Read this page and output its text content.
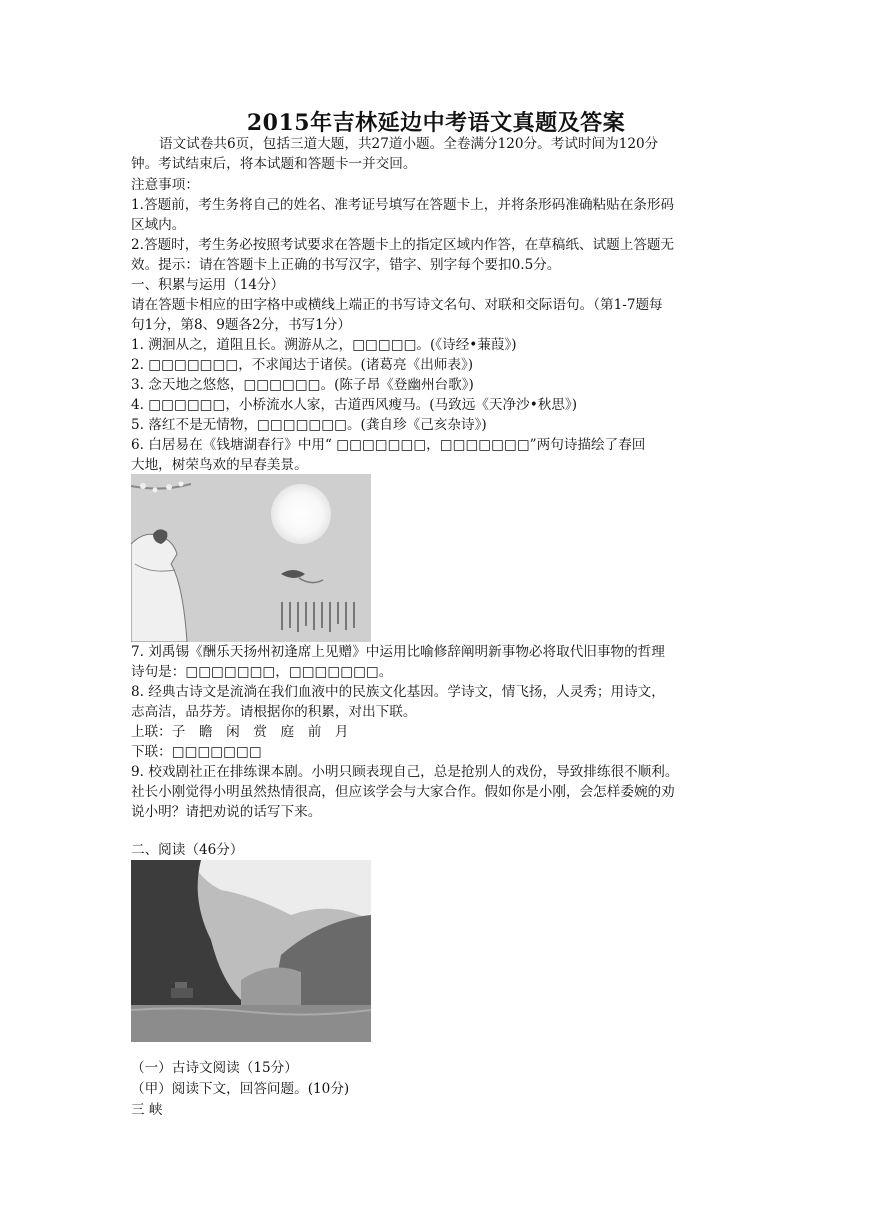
2015年吉林延边中考语文真题及答案
语文试卷共6页，包括三道大题，共27道小题。全卷满分120分。考试时间为120分
钟。考试结束后，将本试题和答题卡一并交回。
注意事项：
1.答题前，考生务将自己的姓名、准考证号填写在答题卡上，并将条形码准确粘贴在条形码
区域内。
2.答题时，考生务必按照考试要求在答题卡上的指定区域内作答，在草稿纸、试题上答题无
效。提示：请在答题卡上正确的书写汉字，错字、别字每个要扣0.5分。
一、积累与运用（14分）
请在答题卡相应的田字格中或横线上端正的书写诗文名句、对联和交际语句。（第1-7题每
句1分，第8、9题各2分，书写1分）
1. 溯洄从之，道阻且长。溯游从之，□□□□□。(《诗经•蒹葭》)
2. □□□□□□□，不求闻达于诸侯。(诸葛亮《出师表》)
3. 念天地之悠悠，□□□□□□。(陈子昂《登幽州台歌》)
4. □□□□□□，小桥流水人家，古道西风瘦马。(马致远《天净沙•秋思》)
5. 落红不是无情物，□□□□□□□。(龚自珍《己亥杂诗》)
6. 白居易在《钱塘湖春行》中用“ □□□□□□□，□□□□□□□”两句诗描绘了春回
大地，树荣鸟欢的早春美景。
7. 刘禹锡《酬乐天扬州初逢席上见赠》中运用比喻修辞阐明新事物必将取代旧事物的哲理
诗句是：□□□□□□□，□□□□□□□。
8. 经典古诗文是流淌在我们血液中的民族文化基因。学诗文，情飞扬，人灵秀；用诗文，
志高洁，品芬芳。请根据你的积累，对出下联。
上联：子　瞻　闲　赏　庭　前　月
下联：□□□□□□□
9. 校戏剧社正在排练课本剧。小明只顾表现自己，总是抢别人的戏份，导致排练很不顺利。
社长小刚觉得小明虽然热情很高，但应该学会与大家合作。假如你是小刚，会怎样委婉的劝
说小明？请把劝说的话写下来。
二、阅读（46分）
（一）古诗文阅读（15分）
（甲）阅读下文，回答问题。(10分)
三 峡
